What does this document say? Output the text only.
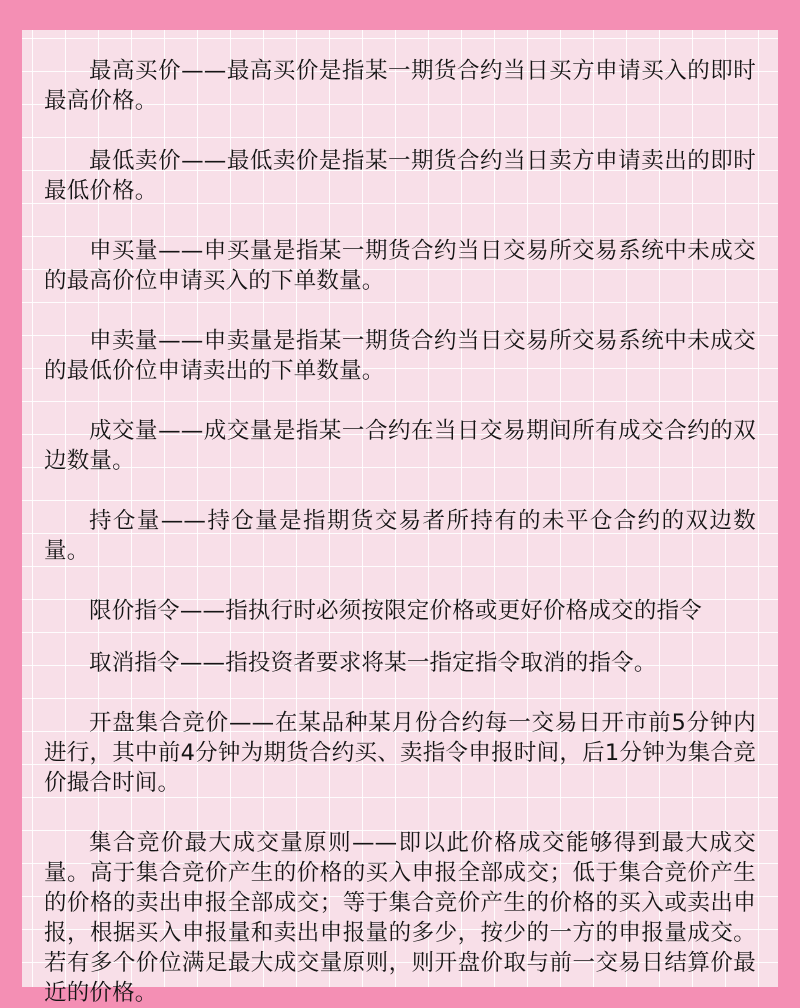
最高买价——最高买价是指某一期货合约当日买方申请买入的即时最高价格。

最低卖价——最低卖价是指某一期货合约当日卖方申请卖出的即时最低价格。

申买量——申买量是指某一期货合约当日交易所交易系统中未成交的最高价位申请买入的下单数量。

申卖量——申卖量是指某一期货合约当日交易所交易系统中未成交的最低价位申请卖出的下单数量。

成交量——成交量是指某一合约在当日交易期间所有成交合约的双边数量。

持仓量——持仓量是指期货交易者所持有的未平仓合约的双边数量。

限价指令——指执行时必须按限定价格或更好价格成交的指令

取消指令——指投资者要求将某一指定指令取消的指令。

开盘集合竞价——在某品种某月份合约每一交易日开市前5分钟内进行，其中前4分钟为期货合约买、卖指令申报时间，后1分钟为集合竞价撮合时间。

集合竞价最大成交量原则——即以此价格成交能够得到最大成交量。高于集合竞价产生的价格的买入申报全部成交；低于集合竞价产生的价格的卖出申报全部成交；等于集合竞价产生的价格的买入或卖出申报，根据买入申报量和卖出申报量的多少，按少的一方的申报量成交。若有多个价位满足最大成交量原则，则开盘价取与前一交易日结算价最近的价格。
